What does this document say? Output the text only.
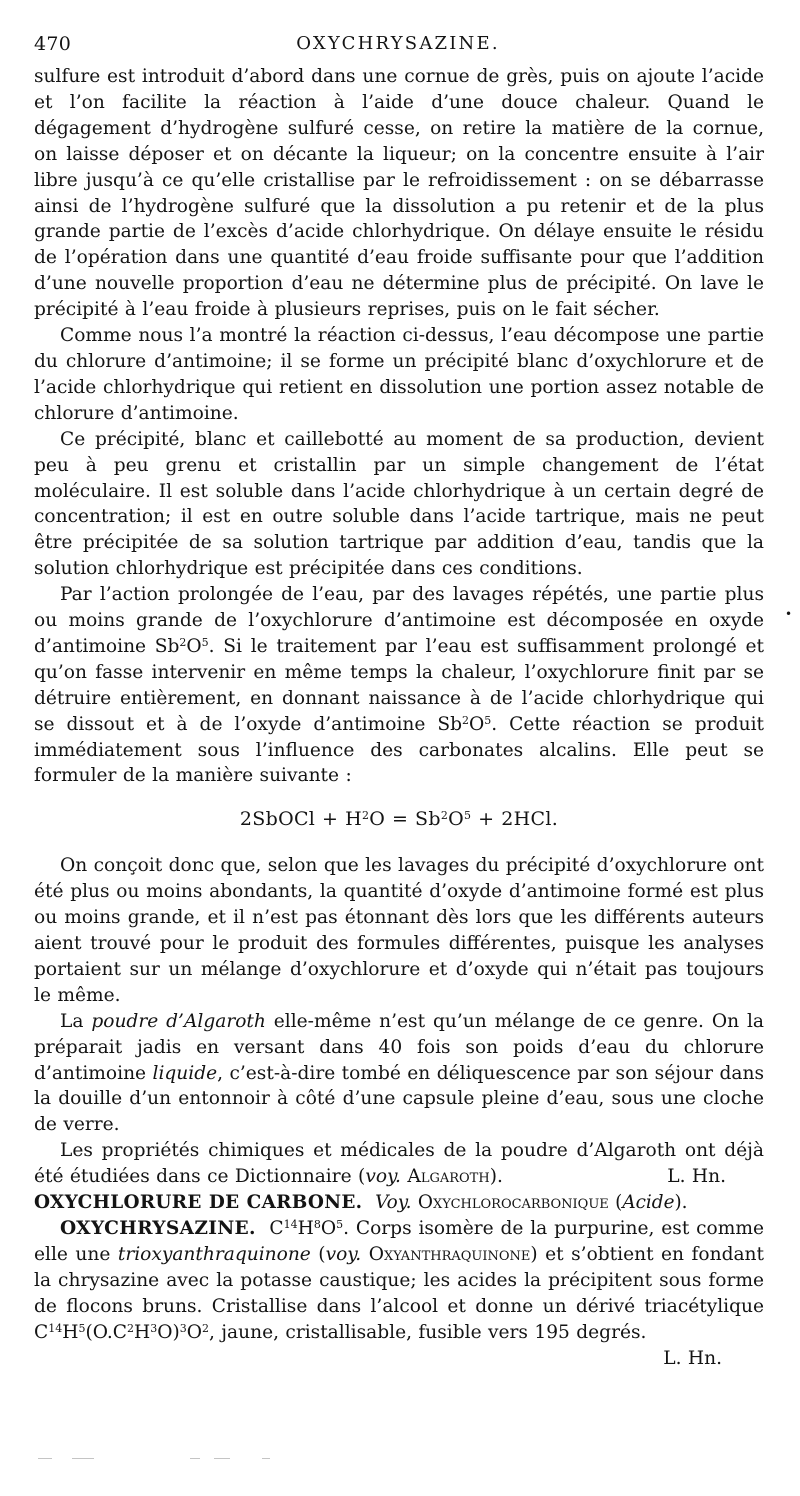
470	OXYCHRYSAZINE.

sulfure est introduit d’abord dans une cornue de grès, puis on ajoute l’acide et l’on facilite la réaction à l’aide d’une douce chaleur. Quand le dégagement d’hydrogène sulfuré cesse, on retire la matière de la cornue, on laisse déposer et on décante la liqueur; on la concentre ensuite à l’air libre jusqu’à ce qu’elle cristallise par le refroidissement : on se débarrasse ainsi de l’hydrogène sulfuré que la dissolution a pu retenir et de la plus grande partie de l’excès d’acide chlorhydrique. On délaye ensuite le résidu de l’opération dans une quantité d’eau froide suffisante pour que l’addition d’une nouvelle proportion d’eau ne détermine plus de précipité. On lave le précipité à l’eau froide à plusieurs reprises, puis on le fait sécher.

Comme nous l’a montré la réaction ci-dessus, l’eau décompose une partie du chlorure d’antimoine; il se forme un précipité blanc d’oxychlorure et de l’acide chlorhydrique qui retient en dissolution une portion assez notable de chlorure d’antimoine.

Ce précipité, blanc et caillebotté au moment de sa production, devient peu à peu grenu et cristallin par un simple changement de l’état moléculaire. Il est soluble dans l’acide chlorhydrique à un certain degré de concentration; il est en outre soluble dans l’acide tartrique, mais ne peut être précipitée de sa solution tartrique par addition d’eau, tandis que la solution chlorhydrique est précipitée dans ces conditions.

Par l’action prolongée de l’eau, par des lavages répétés, une partie plus ou moins grande de l’oxychlorure d’antimoine est décomposée en oxyde d’antimoine $Sb^2O^5$. Si le traitement par l’eau est suffisamment prolongé et qu’on fasse intervenir en même temps la chaleur, l’oxychlorure finit par se détruire entièrement, en donnant naissance à de l’acide chlorhydrique qui se dissout et à de l’oxyde d’antimoine $Sb^2O^5$. Cette réaction se produit immédiatement sous l’influence des carbonates alcalins. Elle peut se formuler de la manière suivante :

2SbOCl + $H^2O = Sb^2O^5 + 2HCl$.

On conçoit donc que, selon que les lavages du précipité d’oxychlorure ont été plus ou moins abondants, la quantité d’oxyde d’antimoine formé est plus ou moins grande, et il n’est pas étonnant dès lors que les différents auteurs aient trouvé pour le produit des formules différentes, puisque les analyses portaient sur un mélange d’oxychlorure et d’oxyde qui n’était pas toujours le même.

La poudre d’Algaroth elle-même n’est qu’un mélange de ce genre. On la préparait jadis en versant dans 40 fois son poids d’eau du chlorure d’antimoine liquide, c’est-à-dire tombé en déliquescence par son séjour dans la douille d’un entonnoir à côté d’une capsule pleine d’eau, sous une cloche de verre.

Les propriétés chimiques et médicales de la poudre d’Algaroth ont déjà été étudiées dans ce Dictionnaire (voy. Algaroth).	L. Hn.

OXYCHLORURE DE CARBONE. Voy. Oxychlorocarbonique (Acide).

OXYCHRYSAZINE. $C^{14}H^8O^5$. Corps isomère de la purpurine, est comme elle une trioxyanthraquinone (voy. Oxyanthraquinone) et s’obtient en fondant la chrysazine avec la potasse caustique; les acides la précipitent sous forme de flocons bruns. Cristallise dans l’alcool et donne un dérivé triacétylique $C^{14}H^5(O.C^2H^3O)^3O^2$, jaune, cristallisable, fusible vers 195 degrés.
L. Hn.

•
